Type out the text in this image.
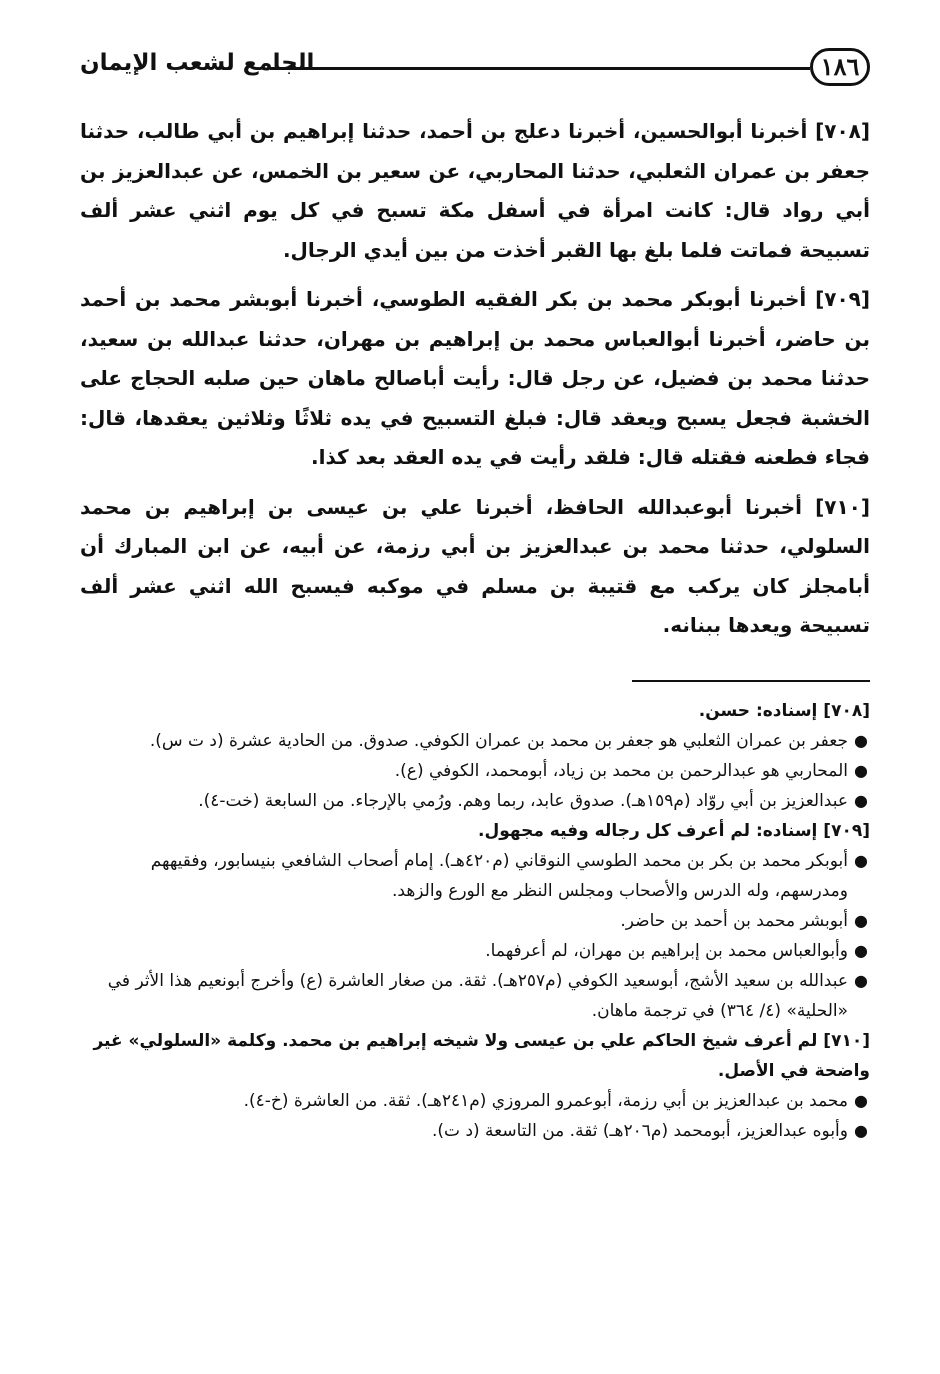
١٨٦
الجامع لشعب الإيمان

[٧٠٨] أخبرنا أبوالحسين، أخبرنا دعلج بن أحمد، حدثنا إبراهيم بن أبي طالب، حدثنا جعفر بن عمران الثعلبي، حدثنا المحاربي، عن سعير بن الخمس، عن عبدالعزيز بن أبي رواد قال: كانت امرأة في أسفل مكة تسبح في كل يوم اثني عشر ألف تسبيحة فماتت فلما بلغ بها القبر أخذت من بين أيدي الرجال.

[٧٠٩] أخبرنا أبوبكر محمد بن بكر الفقيه الطوسي، أخبرنا أبوبشر محمد بن أحمد بن حاضر، أخبرنا أبوالعباس محمد بن إبراهيم بن مهران، حدثنا عبدالله بن سعيد، حدثنا محمد بن فضيل، عن رجل قال: رأيت أباصالح ماهان حين صلبه الحجاج على الخشبة فجعل يسبح ويعقد قال: فبلغ التسبيح في يده ثلاثًا وثلاثين يعقدها، قال: فجاء فطعنه فقتله قال: فلقد رأيت في يده العقد بعد كذا.

[٧١٠] أخبرنا أبوعبدالله الحافظ، أخبرنا علي بن عيسى بن إبراهيم بن محمد السلولي، حدثنا محمد بن عبدالعزيز بن أبي رزمة، عن أبيه، عن ابن المبارك أن أبامجلز كان يركب مع قتيبة بن مسلم في موكبه فيسبح الله اثني عشر ألف تسبيحة ويعدها ببنانه.

[٧٠٨] إسناده: حسن.

●
جعفر بن عمران الثعلبي هو جعفر بن محمد بن عمران الكوفي. صدوق. من الحادية عشرة (د ت س).

●
المحاربي هو عبدالرحمن بن محمد بن زياد، أبومحمد، الكوفي (ع).

●
عبدالعزيز بن أبي روّاد (م١٥٩هـ). صدوق عابد، ربما وهم. ورُمي بالإرجاء. من السابعة (خت-٤).

[٧٠٩] إسناده: لم أعرف كل رجاله وفيه مجهول.

●
أبوبكر محمد بن بكر بن محمد الطوسي النوقاني (م٤٢٠هـ). إمام أصحاب الشافعي بنيسابور، وفقيههم ومدرسهم، وله الدرس والأصحاب ومجلس النظر مع الورع والزهد.

●
أبوبشر محمد بن أحمد بن حاضر.

●
وأبوالعباس محمد بن إبراهيم بن مهران، لم أعرفهما.

●
عبدالله بن سعيد الأشج، أبوسعيد الكوفي (م٢٥٧هـ). ثقة. من صغار العاشرة (ع) وأخرج أبونعيم هذا الأثر في «الحلية» (٤/ ٣٦٤) في ترجمة ماهان.

[٧١٠] لم أعرف شيخ الحاكم علي بن عيسى ولا شيخه إبراهيم بن محمد. وكلمة «السلولي» غير واضحة في الأصل.

●
محمد بن عبدالعزيز بن أبي رزمة، أبوعمرو المروزي (م٢٤١هـ). ثقة. من العاشرة (خ-٤).

●
وأبوه عبدالعزيز، أبومحمد (م٢٠٦هـ) ثقة. من التاسعة (د ت).
